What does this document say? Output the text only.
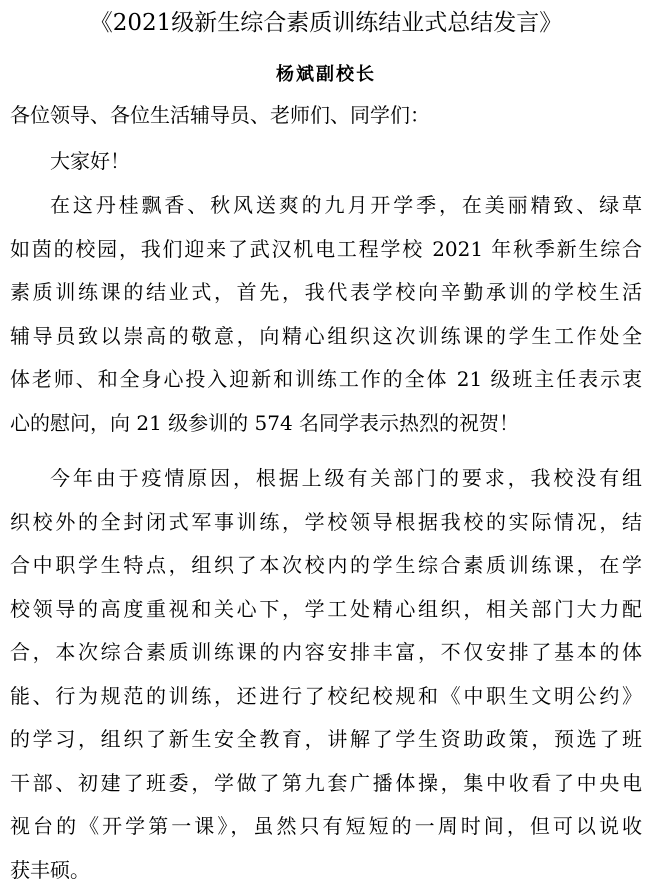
《2021级新生综合素质训练结业式总结发言》
杨斌副校长

各位领导、各位生活辅导员、老师们、同学们：

大家好！

在这丹桂飘香、秋风送爽的九月开学季，在美丽精致、绿草
如茵的校园，我们迎来了武汉机电工程学校 2021 年秋季新生综合
素质训练课的结业式，首先，我代表学校向辛勤承训的学校生活
辅导员致以崇高的敬意，向精心组织这次训练课的学生工作处全
体老师、和全身心投入迎新和训练工作的全体 21 级班主任表示衷
心的慰问，向 21 级参训的 574 名同学表示热烈的祝贺！
今年由于疫情原因，根据上级有关部门的要求，我校没有组
织校外的全封闭式军事训练，学校领导根据我校的实际情况，结
合中职学生特点，组织了本次校内的学生综合素质训练课，在学
校领导的高度重视和关心下，学工处精心组织，相关部门大力配
合，本次综合素质训练课的内容安排丰富，不仅安排了基本的体
能、行为规范的训练，还进行了校纪校规和《中职生文明公约》
的学习，组织了新生安全教育，讲解了学生资助政策，预选了班
干部、初建了班委，学做了第九套广播体操，集中收看了中央电
视台的《开学第一课》，虽然只有短短的一周时间，但可以说收
获丰硕。
